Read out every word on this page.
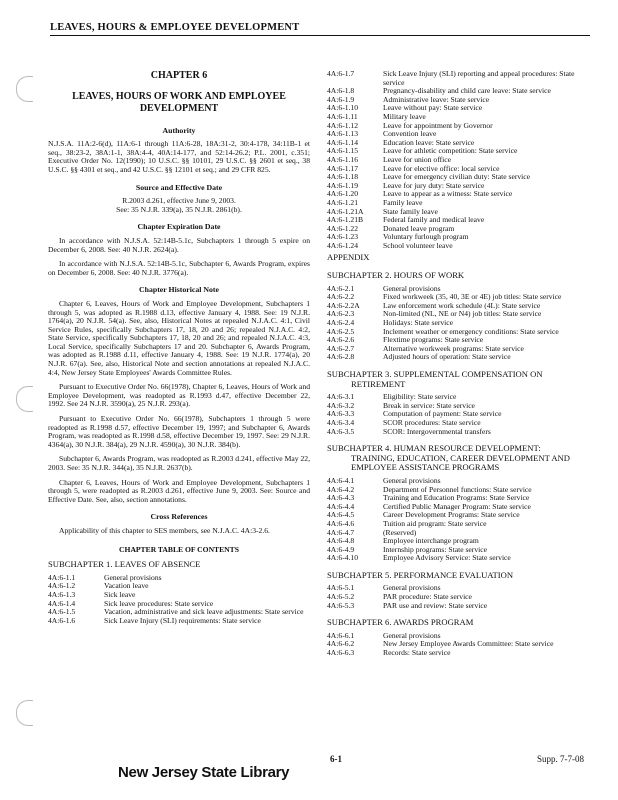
LEAVES, HOURS & EMPLOYEE DEVELOPMENT
CHAPTER 6
LEAVES, HOURS OF WORK AND EMPLOYEE DEVELOPMENT
Authority

N.J.S.A. 11A:2-6(d), 11A:6-1 through 11A:6-28, 18A:31-2, 30:4-178, 34:11B-1 et seq., 38:23-2, 38A:1-1, 38A:4-4, 40A:14-177, and 52:14-26.2; P.L. 2001, c.351; Executive Order No. 12(1990); 10 U.S.C. §§ 10101, 29 U.S.C. §§ 2601 et seq., 38 U.S.C. §§ 4301 et seq., and 42 U.S.C. §§ 12101 et seq.; and 29 CFR 825.

Source and Effective Date

R.2003 d.261, effective June 9, 2003.

See: 35 N.J.R. 339(a), 35 N.J.R. 2861(b).

Chapter Expiration Date

In accordance with N.J.S.A. 52:14B-5.1c, Subchapters 1 through 5 expire on December 6, 2008. See: 40 N.J.R. 2624(a).

In accordance with N.J.S.A. 52:14B-5.1c, Subchapter 6, Awards Program, expires on December 6, 2008. See: 40 N.J.R. 3776(a).

Chapter Historical Note

Chapter 6, Leaves, Hours of Work and Employee Development, Subchapters 1 through 5, was adopted as R.1988 d.13, effective January 4, 1988. See: 19 N.J.R. 1764(a), 20 N.J.R. 54(a). See, also, Historical Notes at repealed N.J.A.C. 4:1, Civil Service Rules, specifically Subchapters 17, 18, 20 and 26; repealed N.J.A.C. 4:2, State Service, specifically Subchapters 17, 18, 20 and 26; and repealed N.J.A.C. 4:3, Local Service, specifically Subchapters 17 and 20. Subchapter 6, Awards Program, was adopted as R.1988 d.11, effective January 4, 1988. See: 19 N.J.R. 1774(a), 20 N.J.R. 67(a). See, also, Historical Note and section annotations at repealed N.J.A.C. 4:4, New Jersey State Employees' Awards Committee Rules.

Pursuant to Executive Order No. 66(1978), Chapter 6, Leaves, Hours of Work and Employee Development, was readopted as R.1993 d.47, effective December 22, 1992. See 24 N.J.R. 3590(a), 25 N.J.R. 293(a).

Pursuant to Executive Order No. 66(1978), Subchapters 1 through 5 were readopted as R.1998 d.57, effective December 19, 1997; and Subchapter 6, Awards Program, was readopted as R.1998 d.58, effective December 19, 1997. See: 29 N.J.R. 4364(a), 30 N.J.R. 384(a), 29 N.J.R. 4590(a), 30 N.J.R. 384(b).

Subchapter 6, Awards Program, was readopted as R.2003 d.241, effective May 22, 2003. See: 35 N.J.R. 344(a), 35 N.J.R. 2637(b).

Chapter 6, Leaves, Hours of Work and Employee Development, Subchapters 1 through 5, were readopted as R.2003 d.261, effective June 9, 2003. See: Source and Effective Date. See, also, section annotations.

Cross References

Applicability of this chapter to SES members, see N.J.A.C. 4A:3-2.6.

CHAPTER TABLE OF CONTENTS
SUBCHAPTER 1. LEAVES OF ABSENCE
4A:6-1.1	General provisions
4A:6-1.2	Vacation leave
4A:6-1.3	Sick leave
4A:6-1.4	Sick leave procedures: State service
4A:6-1.5	Vacation, administrative and sick leave adjustments: State service
4A:6-1.6	Sick Leave Injury (SLI) requirements: State service
4A:6-1.7	Sick Leave Injury (SLI) reporting and appeal procedures: State service
4A:6-1.8	Pregnancy-disability and child care leave: State service
4A:6-1.9	Administrative leave: State service
4A:6-1.10	Leave without pay: State service
4A:6-1.11	Military leave
4A:6-1.12	Leave for appointment by Governor
4A:6-1.13	Convention leave
4A:6-1.14	Education leave: State service
4A:6-1.15	Leave for athletic competition: State service
4A:6-1.16	Leave for union office
4A:6-1.17	Leave for elective office: local service
4A:6-1.18	Leave for emergency civilian duty: State service
4A:6-1.19	Leave for jury duty: State service
4A:6-1.20	Leave to appear as a witness: State service
4A:6-1.21	Family leave
4A:6-1.21A	State family leave
4A:6-1.21B	Federal family and medical leave
4A:6-1.22	Donated leave program
4A:6-1.23	Voluntary furlough program
4A:6-1.24	School volunteer leave
APPENDIX
SUBCHAPTER 2. HOURS OF WORK
4A:6-2.1	General provisions
4A:6-2.2	Fixed workweek (35, 40, 3E or 4E) job titles: State service
4A:6-2.2A	Law enforcement work schedule (4L): State service
4A:6-2.3	Non-limited (NL, NE or N4) job titles: State service
4A:6-2.4	Holidays: State service
4A:6-2.5	Inclement weather or emergency conditions: State service
4A:6-2.6	Flextime programs: State service
4A:6-2.7	Alternative workweek programs: State service
4A:6-2.8	Adjusted hours of operation: State service
SUBCHAPTER 3. SUPPLEMENTAL COMPENSATION ON
RETIREMENT
4A:6-3.1	Eligibility: State service
4A:6-3.2	Break in service: State service
4A:6-3.3	Computation of payment: State service
4A:6-3.4	SCOR procedures: State service
4A:6-3.5	SCOR: Intergovernmental transfers
SUBCHAPTER 4. HUMAN RESOURCE DEVELOPMENT:
TRAINING, EDUCATION, CAREER DEVELOPMENT AND EMPLOYEE ASSISTANCE PROGRAMS
4A:6-4.1	General provisions
4A:6-4.2	Department of Personnel functions: State service
4A:6-4.3	Training and Education Programs: State Service
4A:6-4.4	Certified Public Manager Program: State service
4A:6-4.5	Career Development Programs: State service
4A:6-4.6	Tuition aid program: State service
4A:6-4.7	(Reserved)
4A:6-4.8	Employee interchange program
4A:6-4.9	Internship programs: State service
4A:6-4.10	Employee Advisory Service: State service
SUBCHAPTER 5. PERFORMANCE EVALUATION
4A:6-5.1	General provisions
4A:6-5.2	PAR procedure: State service
4A:6-5.3	PAR use and review: State service
SUBCHAPTER 6. AWARDS PROGRAM
4A:6-6.1	General provisions
4A:6-6.2	New Jersey Employee Awards Committee: State service
4A:6-6.3	Records: State service
New Jersey State Library
6-1	Supp. 7-7-08
